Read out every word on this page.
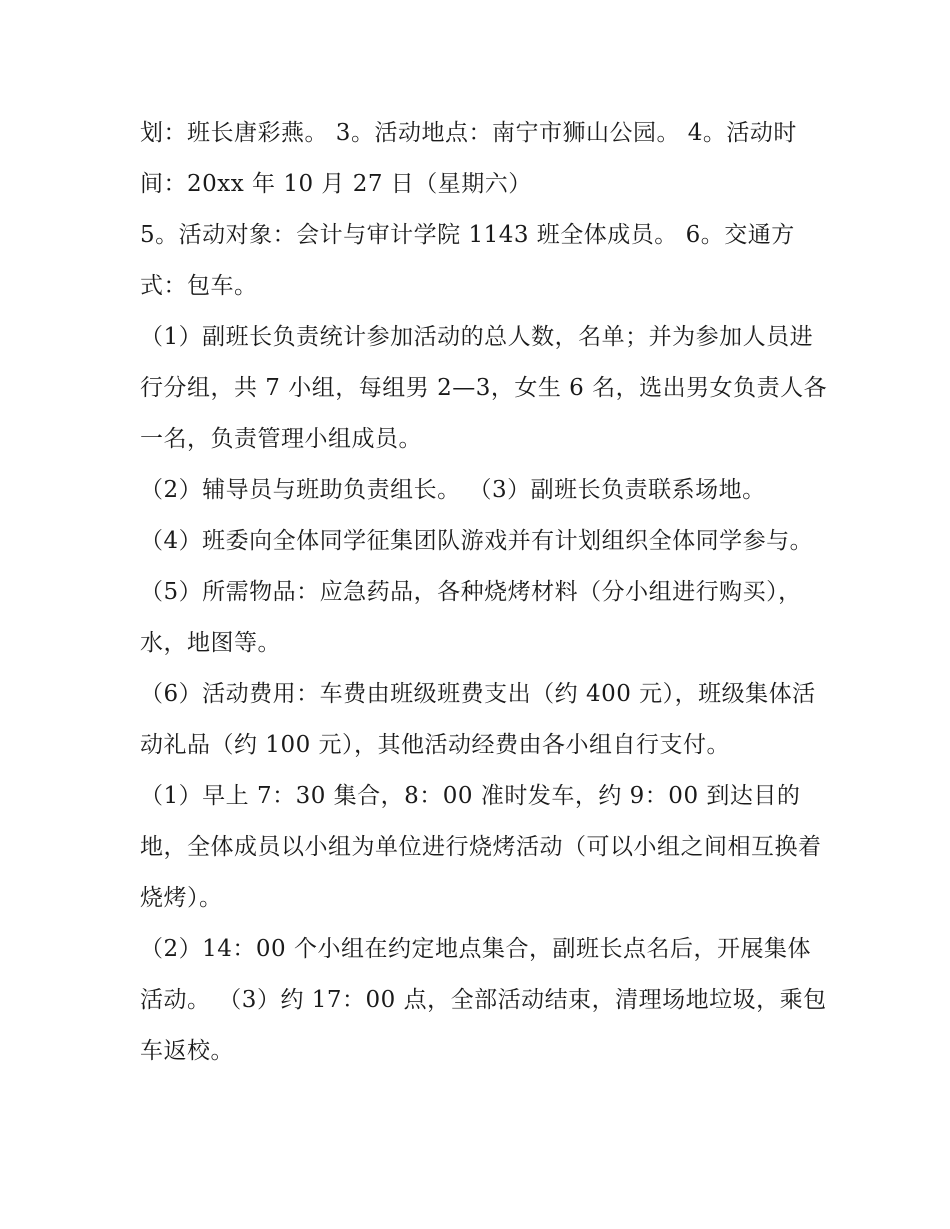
划：班长唐彩燕。 3。活动地点：南宁市狮山公园。 4。活动时间：20xx 年 10 月 27 日（星期六）

5。活动对象：会计与审计学院 1143 班全体成员。 6。交通方式：包车。

（1）副班长负责统计参加活动的总人数，名单；并为参加人员进行分组，共 7 小组，每组男 2—3，女生 6 名，选出男女负责人各一名，负责管理小组成员。

（2）辅导员与班助负责组长。 （3）副班长负责联系场地。

（4）班委向全体同学征集团队游戏并有计划组织全体同学参与。

（5）所需物品：应急药品，各种烧烤材料（分小组进行购买），水，地图等。

（6）活动费用：车费由班级班费支出（约 400 元），班级集体活动礼品（约 100 元），其他活动经费由各小组自行支付。

（1）早上 7：30 集合，8：00 准时发车，约 9：00 到达目的地，全体成员以小组为单位进行烧烤活动（可以小组之间相互换着烧烤）。

（2）14：00 个小组在约定地点集合，副班长点名后，开展集体活动。 （3）约 17：00 点，全部活动结束，清理场地垃圾，乘包车返校。
